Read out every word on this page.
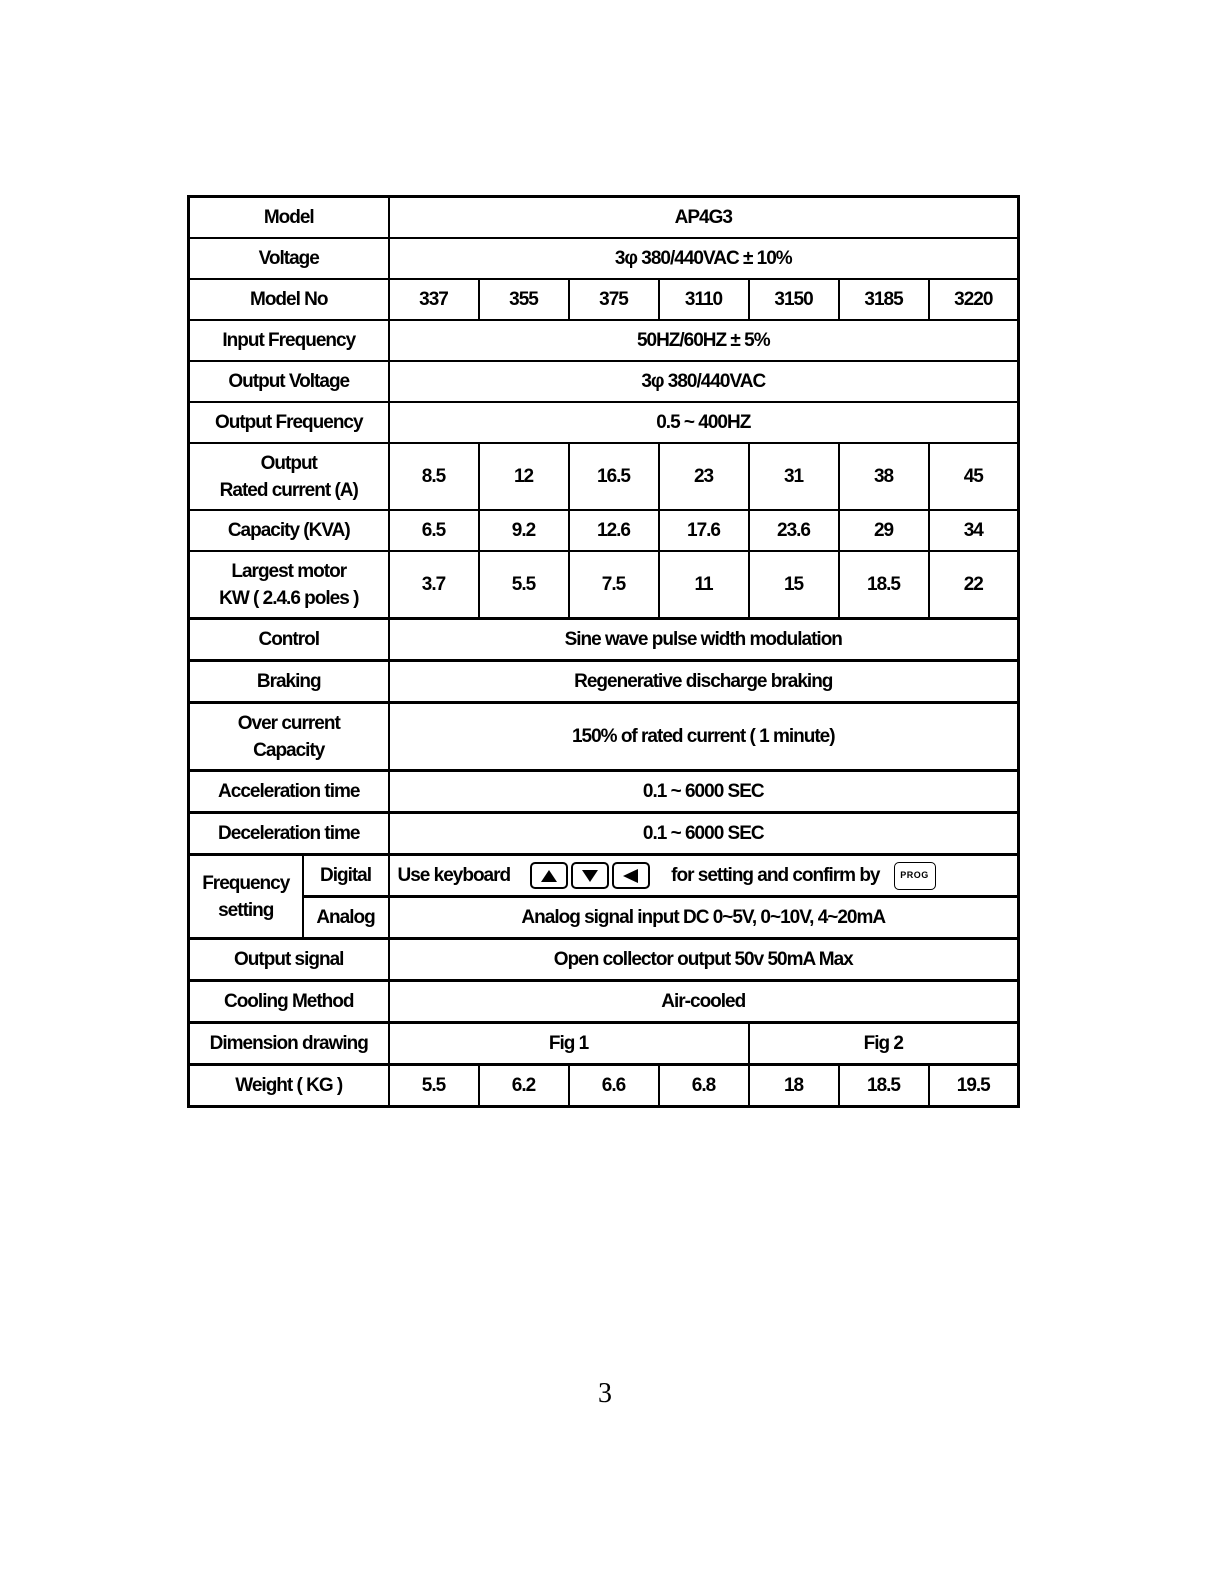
Model		AP4G3						
Voltage		3φ 380/440VAC ± 10%						
Model No		337	355	375	3110	3150	3185	3220
Input Frequency		50HZ/60HZ ± 5%						
Output Voltage		3φ 380/440VAC						
Output Frequency		0.5 ~ 400HZ						
Output
Rated current (A)		8.5	12	16.5	23	31	38	45
Capacity (KVA)		6.5	9.2	12.6	17.6	23.6	29	34
Largest motor
KW ( 2.4.6 poles )		3.7	5.5	7.5	11	15	18.5	22
Control		Sine wave pulse width modulation						
Braking		Regenerative discharge braking						
Over current
Capacity		150% of rated current ( 1 minute)						
Acceleration time		0.1 ~ 6000 SEC						
Deceleration time		0.1 ~ 6000 SEC						
Frequency
setting	Digital	Use keyboard for setting and confirm by PROG						

	Analog	Analog signal input DC 0~5V, 0~10V, 4~20mA						
Output signal		Open collector output 50v 50mA Max						
Cooling Method		Air-cooled						
Dimension drawing		Fig 1				Fig 2		
Weight ( KG )		5.5	6.2	6.6	6.8	18	18.5	19.5
3
